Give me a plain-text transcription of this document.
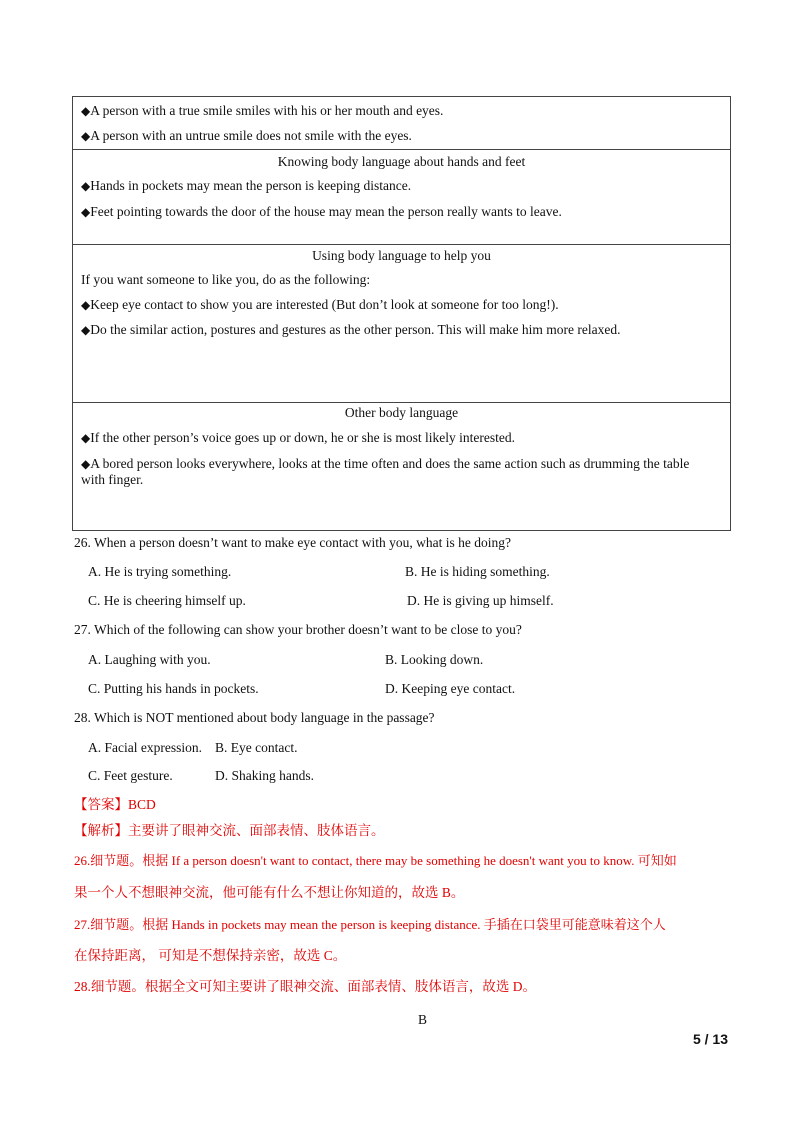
◆ A person with a true smile smiles with his or her mouth and eyes.
◆ A person with an untrue smile does not smile with the eyes.
Knowing body language about hands and feet
◆ Hands in pockets may mean the person is keeping distance.
◆ Feet pointing towards the door of the house may mean the person really wants to leave.
Using body language to help you
If you want someone to like you, do as the following:
◆ Keep eye contact to show you are interested (But don’t look at someone for too long!).
◆ Do the similar action, postures and gestures as the other person. This will make him more relaxed.
Other body language
◆ If the other person’s voice goes up or down, he or she is most likely interested.
◆ A bored person looks everywhere, looks at the time often and does the same action such as drumming the table
with finger.
26. When a person doesn’t want to make eye contact with you, what is he doing?
A. He is trying something.	B. He is hiding something.
C. He is cheering himself up.	D. He is giving up himself.
27. Which of the following can show your brother doesn’t want to be close to you?
A. Laughing with you.	B. Looking down.
C. Putting his hands in pockets.	D. Keeping eye contact.
28. Which is NOT mentioned about body language in the passage?
A. Facial expression. B. Eye contact.
C. Feet gesture.	D. Shaking hands.
【答案】BCD
【解析】主要讲了眼神交流、面部表情、肢体语言。
26.细节题。根据 If a person doesn't want to contact, there may be something he doesn't want you to know. 可知如
果一个人不想眼神交流，他可能有什么不想让你知道的，故选 B。
27.细节题。根据 Hands in pockets may mean the person is keeping distance. 手插在口袋里可能意味着这个人
在保持距离， 可知是不想保持亲密，故选 C。
28.细节题。根据全文可知主要讲了眼神交流、面部表情、肢体语言，故选 D。
B
5 / 13
